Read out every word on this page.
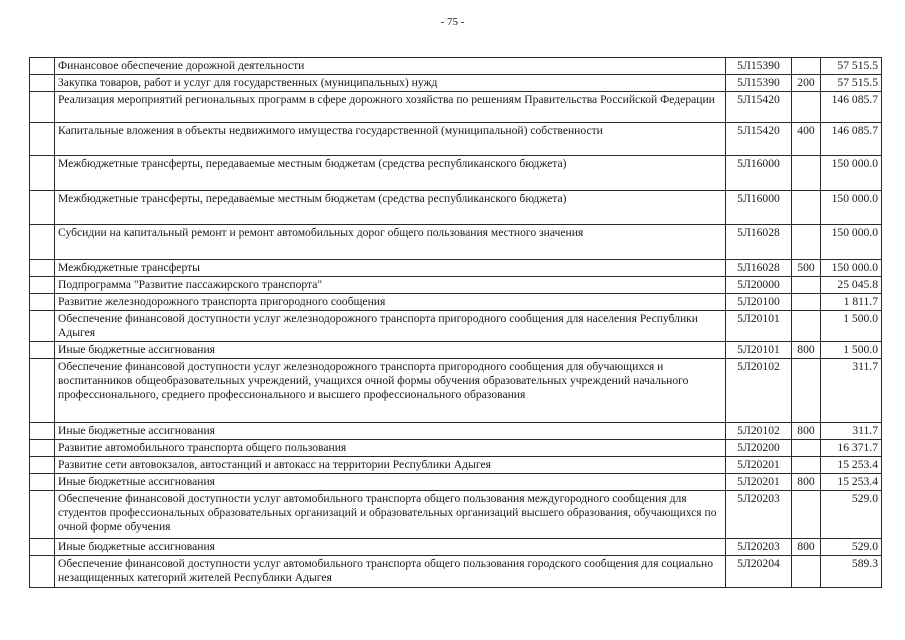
- 75 -
	Финансовое обеспечение дорожной деятельности	5Л15390		57 515.5
	Закупка товаров, работ и услуг для государственных (муниципальных) нужд	5Л15390	200	57 515.5
	Реализация мероприятий региональных программ в сфере дорожного хозяйства по решениям Правительства Российской Федерации	5Л15420		146 085.7
	Капитальные вложения в объекты недвижимого имущества государственной (муниципальной) собственности	5Л15420	400	146 085.7
	Межбюджетные трансферты, передаваемые местным бюджетам (средства республиканского бюджета)	5Л16000		150 000.0
	Межбюджетные трансферты, передаваемые местным бюджетам (средства республиканского бюджета)	5Л16000		150 000.0
	Субсидии на капитальный ремонт и ремонт автомобильных дорог общего пользования местного значения	5Л16028		150 000.0
	Межбюджетные трансферты	5Л16028	500	150 000.0
	Подпрограмма "Развитие пассажирского транспорта"	5Л20000		25 045.8
	Развитие железнодорожного транспорта пригородного сообщения	5Л20100		1 811.7
	Обеспечение финансовой доступности услуг железнодорожного транспорта пригородного сообщения для населения Республики Адыгея	5Л20101		1 500.0
	Иные бюджетные ассигнования	5Л20101	800	1 500.0
	Обеспечение финансовой доступности услуг железнодорожного транспорта пригородного сообщения для обучающихся и воспитанников общеобразовательных учреждений, учащихся очной формы обучения образовательных учреждений начального профессионального, среднего профессионального и высшего профессионального образования	5Л20102		311.7
	Иные бюджетные ассигнования	5Л20102	800	311.7
	Развитие автомобильного транспорта общего пользования	5Л20200		16 371.7
	Развитие сети автовокзалов, автостанций и автокасс на территории Республики Адыгея	5Л20201		15 253.4
	Иные бюджетные ассигнования	5Л20201	800	15 253.4
	Обеспечение финансовой доступности услуг автомобильного транспорта общего пользования междугородного сообщения для студентов профессиональных образовательных организаций и образовательных организаций высшего образования, обучающихся по очной форме обучения	5Л20203		529.0
	Иные бюджетные ассигнования	5Л20203	800	529.0
	Обеспечение финансовой доступности услуг автомобильного транспорта общего пользования городского сообщения для социально незащищенных категорий жителей Республики Адыгея	5Л20204		589.3
